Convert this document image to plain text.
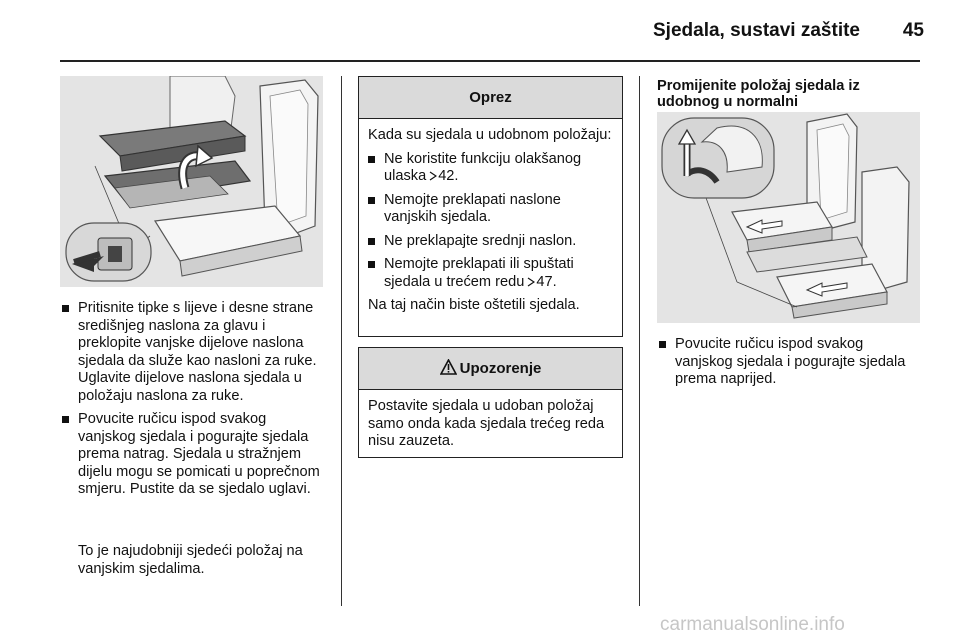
Sjedala, sustavi zaštite	45
Pritisnite tipke s lijeve i desne strane središnjeg naslona za glavu i preklopite vanjske dijelove naslona sjedala da služe kao nasloni za ruke. Uglavite dijelove naslona sjedala u položaju naslona za ruke.
Povucite ručicu ispod svakog vanjskog sjedala i pogurajte sjedala prema natrag. Sjedala u stražnjem dijelu mogu se pomicati u poprečnom smjeru. Pustite da se sjedalo uglavi.

To je najudobniji sjedeći položaj na vanjskim sjedalima.

Oprez

Kada su sjedala u udobnom položaju:

Ne koristite funkciju olakšanog ulaska 42.
Nemojte preklapati naslone vanjskih sjedala.
Ne preklapajte srednji naslon.
Nemojte preklapati ili spuštati sjedala u trećem redu 47.

Na taj način biste oštetili sjedala.

Upozorenje

Postavite sjedala u udoban položaj samo onda kada sjedala trećeg reda nisu zauzeta.

Promijenite položaj sjedala iz udobnog u normalni

Povucite ručicu ispod svakog vanjskog sjedala i pogurajte sjedala prema naprijed.
carmanualsonline.info
